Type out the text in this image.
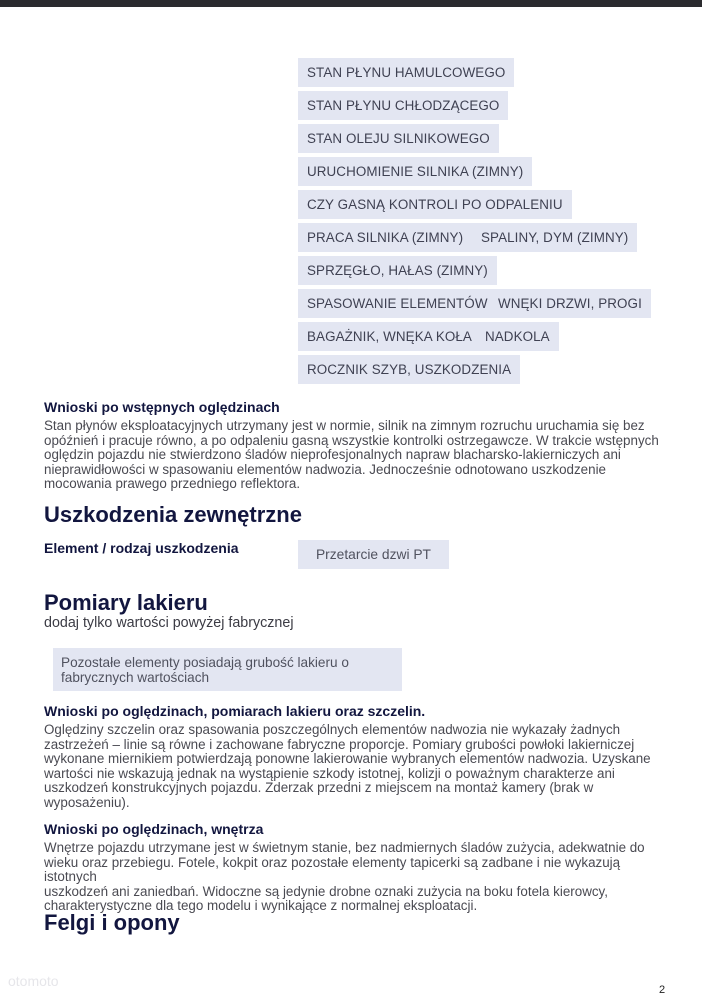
STAN PŁYNU HAMULCOWEGO
STAN PŁYNU CHŁODZĄCEGO
STAN OLEJU SILNIKOWEGO
URUCHOMIENIE SILNIKA (ZIMNY)
CZY GASNĄ KONTROLI PO ODPALENIU
PRACA SILNIKA (ZIMNY)	SPALINY, DYM (ZIMNY)
SPRZĘGŁO, HAŁAS (ZIMNY)
SPASOWANIE ELEMENTÓW WNĘKI DRZWI, PROGI
BAGAŻNIK, WNĘKA KOŁA NADKOLA
ROCZNIK SZYB, USZKODZENIA
Wnioski po wstępnych oględzinach
Stan płynów eksploatacyjnych utrzymany jest w normie, silnik na zimnym rozruchu uruchamia się bez
opóźnień i pracuje równo, a po odpaleniu gasną wszystkie kontrolki ostrzegawcze. W trakcie wstępnych
oględzin pojazdu nie stwierdzono śladów nieprofesjonalnych napraw blacharsko-lakierniczych ani
nieprawidłowości w spasowaniu elementów nadwozia. Jednocześnie odnotowano uszkodzenie
mocowania prawego przedniego reflektora.
Uszkodzenia zewnętrzne
Element / rodzaj uszkodzenia	Przetarcie dzwi PT
Pomiary lakieru
dodaj tylko wartości powyżej fabrycznej
Pozostałe elementy posiadają grubość lakieru o
fabrycznych wartościach
Wnioski po oględzinach, pomiarach lakieru oraz szczelin.
Oględziny szczelin oraz spasowania poszczególnych elementów nadwozia nie wykazały żadnych
zastrzeżeń – linie są równe i zachowane fabryczne proporcje. Pomiary grubości powłoki lakierniczej
wykonane miernikiem potwierdzają ponowne lakierowanie wybranych elementów nadwozia. Uzyskane
wartości nie wskazują jednak na wystąpienie szkody istotnej, kolizji o poważnym charakterze ani
uszkodzeń konstrukcyjnych pojazdu. Zderzak przedni z miejscem na montaż kamery (brak w
wyposażeniu).
Wnioski po oględzinach, wnętrza
Wnętrze pojazdu utrzymane jest w świetnym stanie, bez nadmiernych śladów zużycia, adekwatnie do
wieku oraz przebiegu. Fotele, kokpit oraz pozostałe elementy tapicerki są zadbane i nie wykazują istotnych
uszkodzeń ani zaniedbań. Widoczne są jedynie drobne oznaki zużycia na boku fotela kierowcy,
charakterystyczne dla tego modelu i wynikające z normalnej eksploatacji.
Felgi i opony
otomoto
2
